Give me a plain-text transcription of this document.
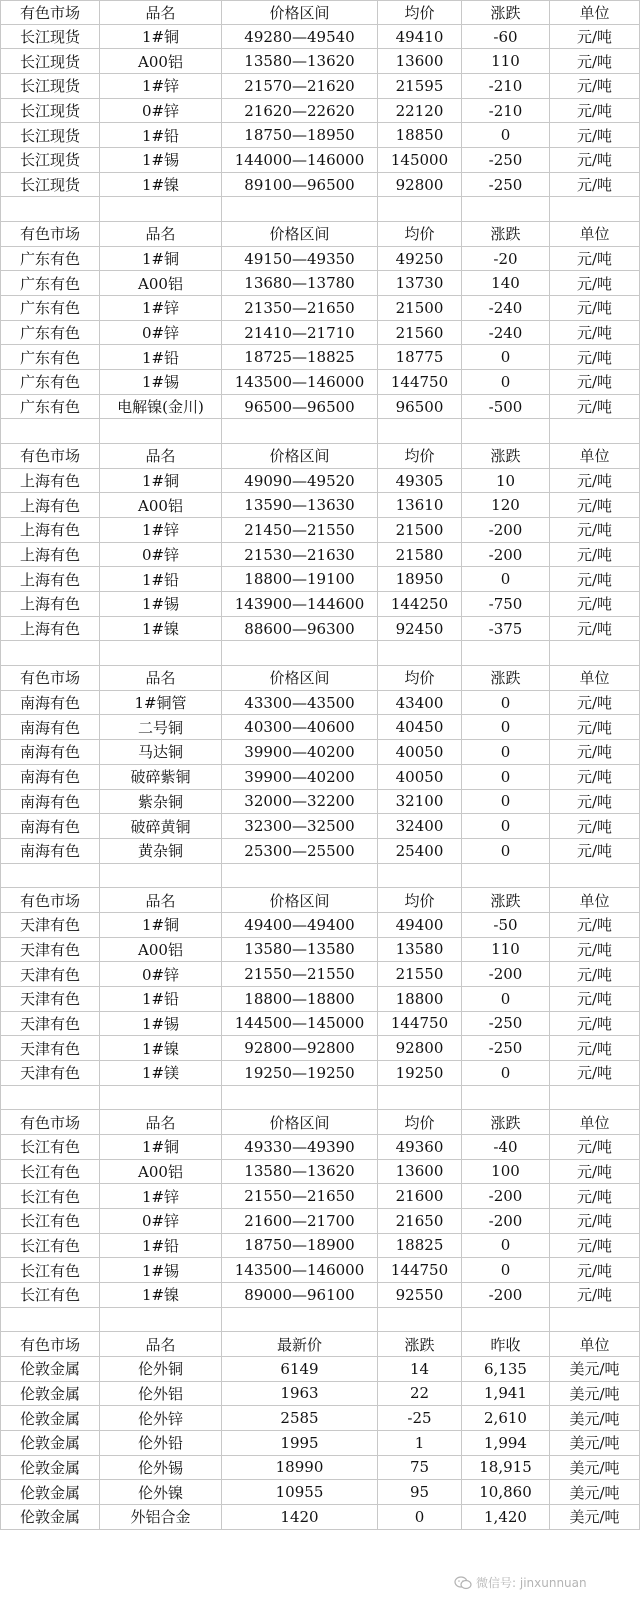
有色市场	品名	价格区间	均价	涨跌	单位
长江现货	1#铜	49280—49540	49410	-60	元/吨
长江现货	A00铝	13580—13620	13600	110	元/吨
长江现货	1#锌	21570—21620	21595	-210	元/吨
长江现货	0#锌	21620—22620	22120	-210	元/吨
长江现货	1#铅	18750—18950	18850	0	元/吨
长江现货	1#锡	144000—146000	145000	-250	元/吨
长江现货	1#镍	89100—96500	92800	-250	元/吨
有色市场	品名	价格区间	均价	涨跌	单位
广东有色	1#铜	49150—49350	49250	-20	元/吨
广东有色	A00铝	13680—13780	13730	140	元/吨
广东有色	1#锌	21350—21650	21500	-240	元/吨
广东有色	0#锌	21410—21710	21560	-240	元/吨
广东有色	1#铅	18725—18825	18775	0	元/吨
广东有色	1#锡	143500—146000	144750	0	元/吨
广东有色	电解镍(金川)	96500—96500	96500	-500	元/吨
有色市场	品名	价格区间	均价	涨跌	单位
上海有色	1#铜	49090—49520	49305	10	元/吨
上海有色	A00铝	13590—13630	13610	120	元/吨
上海有色	1#锌	21450—21550	21500	-200	元/吨
上海有色	0#锌	21530—21630	21580	-200	元/吨
上海有色	1#铅	18800—19100	18950	0	元/吨
上海有色	1#锡	143900—144600	144250	-750	元/吨
上海有色	1#镍	88600—96300	92450	-375	元/吨
有色市场	品名	价格区间	均价	涨跌	单位
南海有色	1#铜管	43300—43500	43400	0	元/吨
南海有色	二号铜	40300—40600	40450	0	元/吨
南海有色	马达铜	39900—40200	40050	0	元/吨
南海有色	破碎紫铜	39900—40200	40050	0	元/吨
南海有色	紫杂铜	32000—32200	32100	0	元/吨
南海有色	破碎黄铜	32300—32500	32400	0	元/吨
南海有色	黄杂铜	25300—25500	25400	0	元/吨
有色市场	品名	价格区间	均价	涨跌	单位
天津有色	1#铜	49400—49400	49400	-50	元/吨
天津有色	A00铝	13580—13580	13580	110	元/吨
天津有色	0#锌	21550—21550	21550	-200	元/吨
天津有色	1#铅	18800—18800	18800	0	元/吨
天津有色	1#锡	144500—145000	144750	-250	元/吨
天津有色	1#镍	92800—92800	92800	-250	元/吨
天津有色	1#镁	19250—19250	19250	0	元/吨
有色市场	品名	价格区间	均价	涨跌	单位
长江有色	1#铜	49330—49390	49360	-40	元/吨
长江有色	A00铝	13580—13620	13600	100	元/吨
长江有色	1#锌	21550—21650	21600	-200	元/吨
长江有色	0#锌	21600—21700	21650	-200	元/吨
长江有色	1#铅	18750—18900	18825	0	元/吨
长江有色	1#锡	143500—146000	144750	0	元/吨
长江有色	1#镍	89000—96100	92550	-200	元/吨
有色市场	品名	最新价	涨跌	昨收	单位
伦敦金属	伦外铜	6149	14	6,135	美元/吨
伦敦金属	伦外铝	1963	22	1,941	美元/吨
伦敦金属	伦外锌	2585	-25	2,610	美元/吨
伦敦金属	伦外铅	1995	1	1,994	美元/吨
伦敦金属	伦外锡	18990	75	18,915	美元/吨
伦敦金属	伦外镍	10955	95	10,860	美元/吨
伦敦金属	外铝合金	1420	0	1,420	美元/吨
微信号: jinxunnuan
